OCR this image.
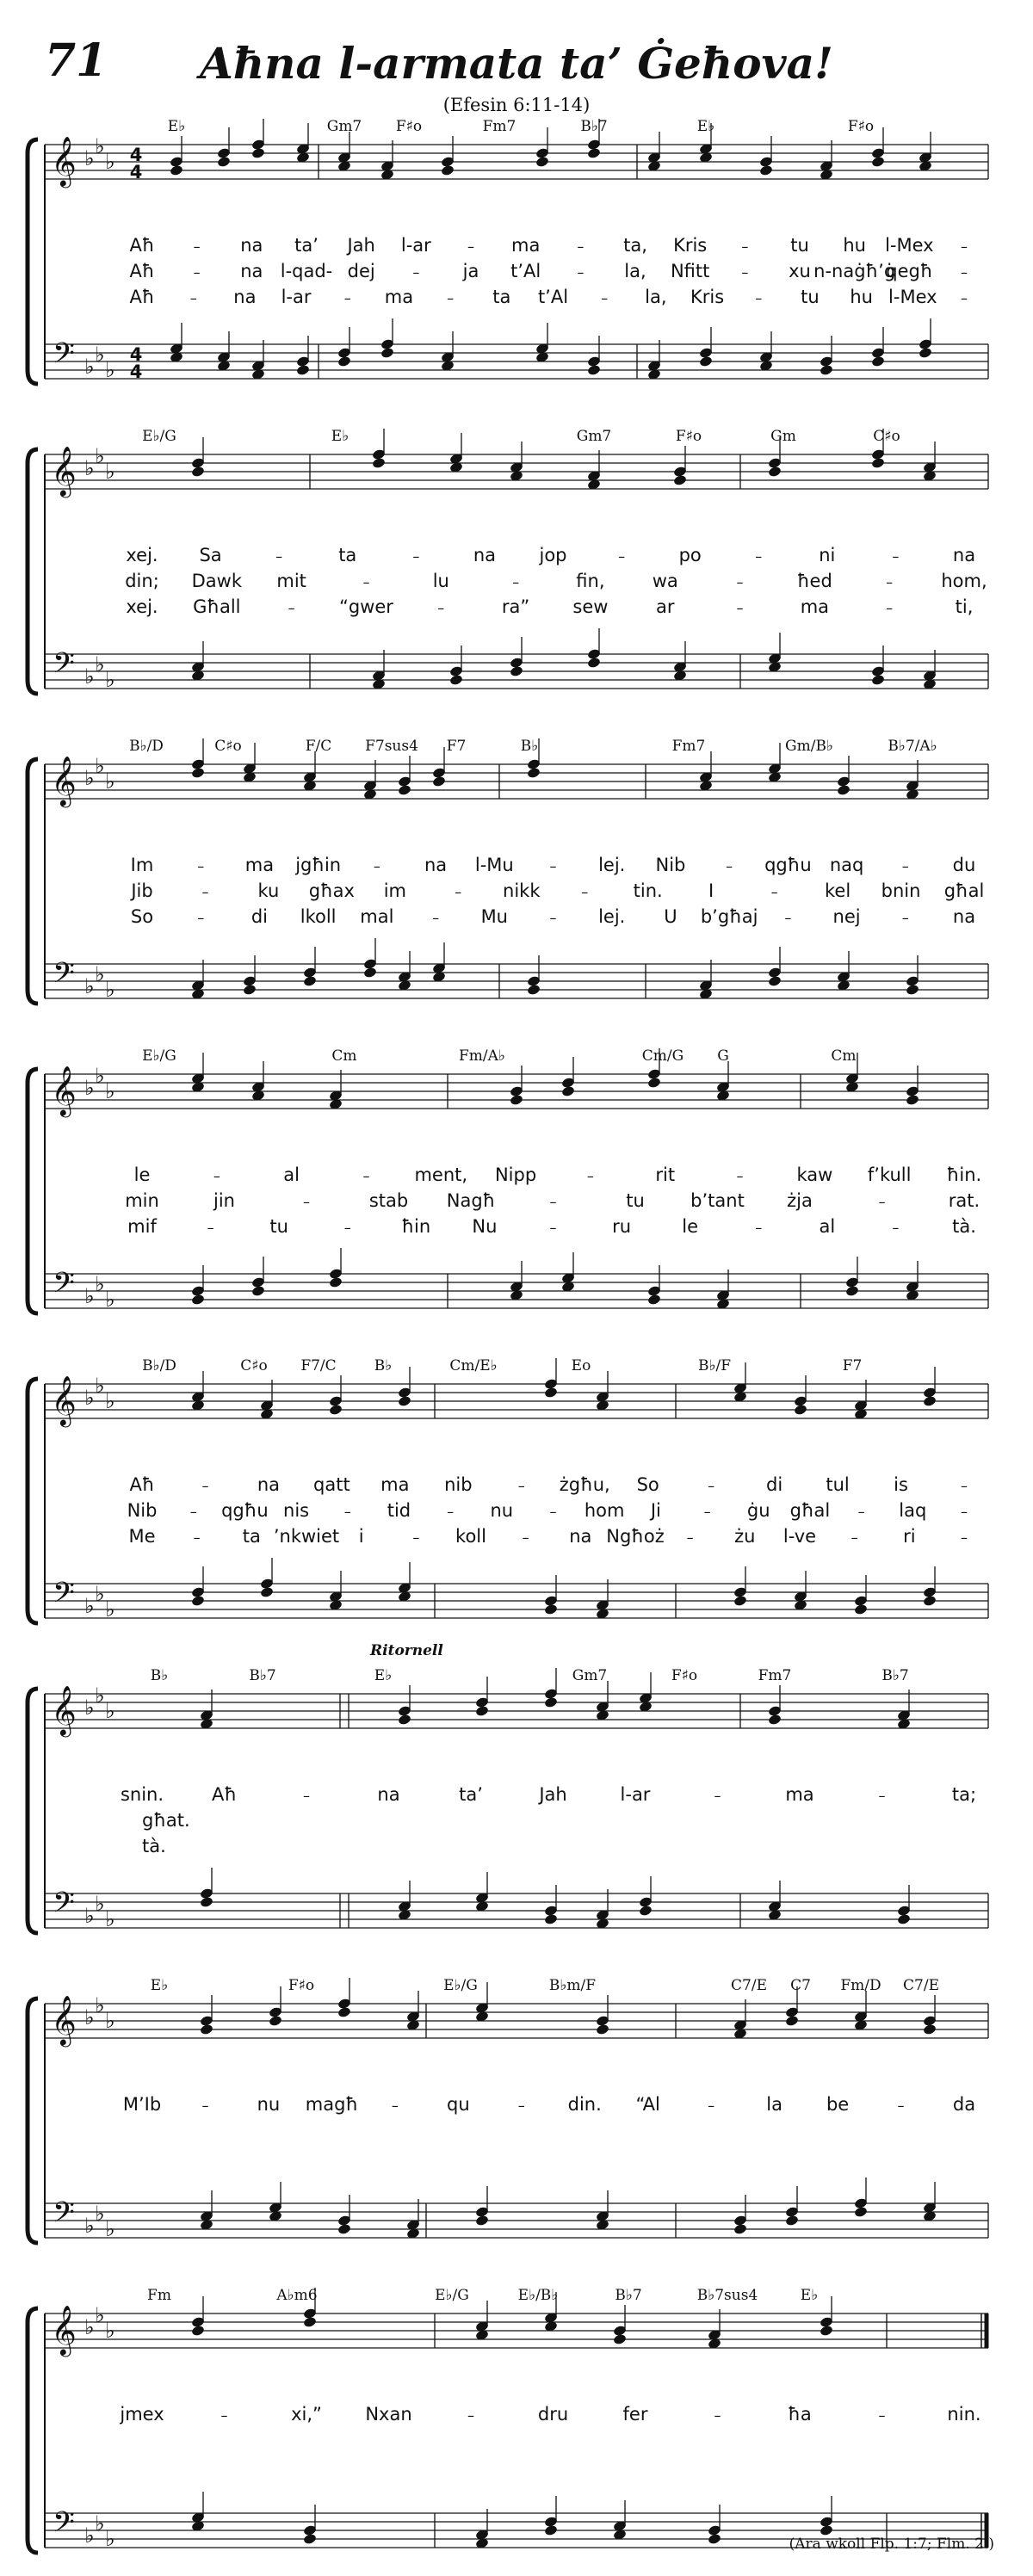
71	Aħna l-armata ta’ Ġeħova!
(Efesin 6:11-14)
𝄞
𝄢
♭
♭
♭
♭
♭
♭
4
4
4
4
E♭	Gm7 F♯o	Fm7	B♭7	E♭	F♯o
Aħ	– na ta’ Jah l-ar	– ma	– ta, Kris	– tu hu l-Mex –
Aħ	– na l-qad- dej	– ja t’Al	– la, Nfitt – xu n-naġħ’ġ
qegħ –
Aħ	– na l-ar – ma – ta t’Al – la, Kris – tu hu l-Mex –
𝄞
𝄢
♭
♭
♭
♭
♭
♭
E♭/G	E♭	Gm7	F♯o	Gm	C♯o
xej. Sa	–	ta	–	na jop	–	po	–	ni	–	na
din; Dawk mit	–	lu	–	fin,	wa	–	ħed	–	hom,
xej. Għall	– “gwer	–	ra” sew	ar	–	ma	–	ti,
𝄞
𝄢
♭
♭
♭
♭
♭
♭
B♭/D	C♯o	F/C F7sus4 F7	B♭	Fm7	Gm/B♭	B♭7/A♭
Im	– ma jgħin – na l-Mu	– lej. Nib	– qgħu naq	– du
Jib	–	ku għax im	– nikk	– tin.	I	–	kel bnin għal
So	–	di lkoll mal	– Mu	– lej. U b’għaj – nej	– na
𝄞
𝄢
♭
♭
♭
♭
♭
♭
E♭/G	Cm	Fm/A♭	Cm/G G	Cm
le	–	al	– ment, Nipp	–	rit	–	kaw f’kull ħin.
min	jin	–	stab Nagħ	–	tu	b’tant żja	–	rat.
mif	–	tu	–	ħin Nu	–	ru	le	–	al	–	tà.
𝄞
𝄢
♭
♭
♭
♭
♭
♭
B♭/D	C♯o F7/C	B♭	Cm/E♭	Eo	B♭/F	F7
Aħ	–	na qatt ma nib	– żgħu, So	–	di tul is	–
Nib – qgħu nis	– tid	– nu	– hom Ji	– ġu għal – laq –
Me	– ta ’nkwiet i	– koll	– na Ngħoż – żu l-ve	– ri	–
𝄞
𝄢
♭
♭
♭
♭
♭
♭
Ritornell
B♭	B♭7	E♭	Gm7	F♯o	Fm7	B♭7
snin.	Aħ	–	na	ta’	Jah	l-ar	–	ma	–	ta;
għat.
tà.
𝄞
𝄢
♭
♭
♭
♭
♭
♭
E♭	F♯o	E♭/G	B♭m/F	C7/E C7 Fm/D C7/E
M’Ib	–	nu magħ –	qu	– din. “Al	–	la be	–	da
𝄞
𝄢
♭
♭
♭
♭
♭
♭
Fm	A♭m6	E♭/G	E♭/B♭	B♭7	B♭7sus4	E♭
jmex	–	xi,” Nxan	–	dru	fer	–	ħa	–	nin.
(Ara wkoll Flp. 1:7; Flm. 2.)
